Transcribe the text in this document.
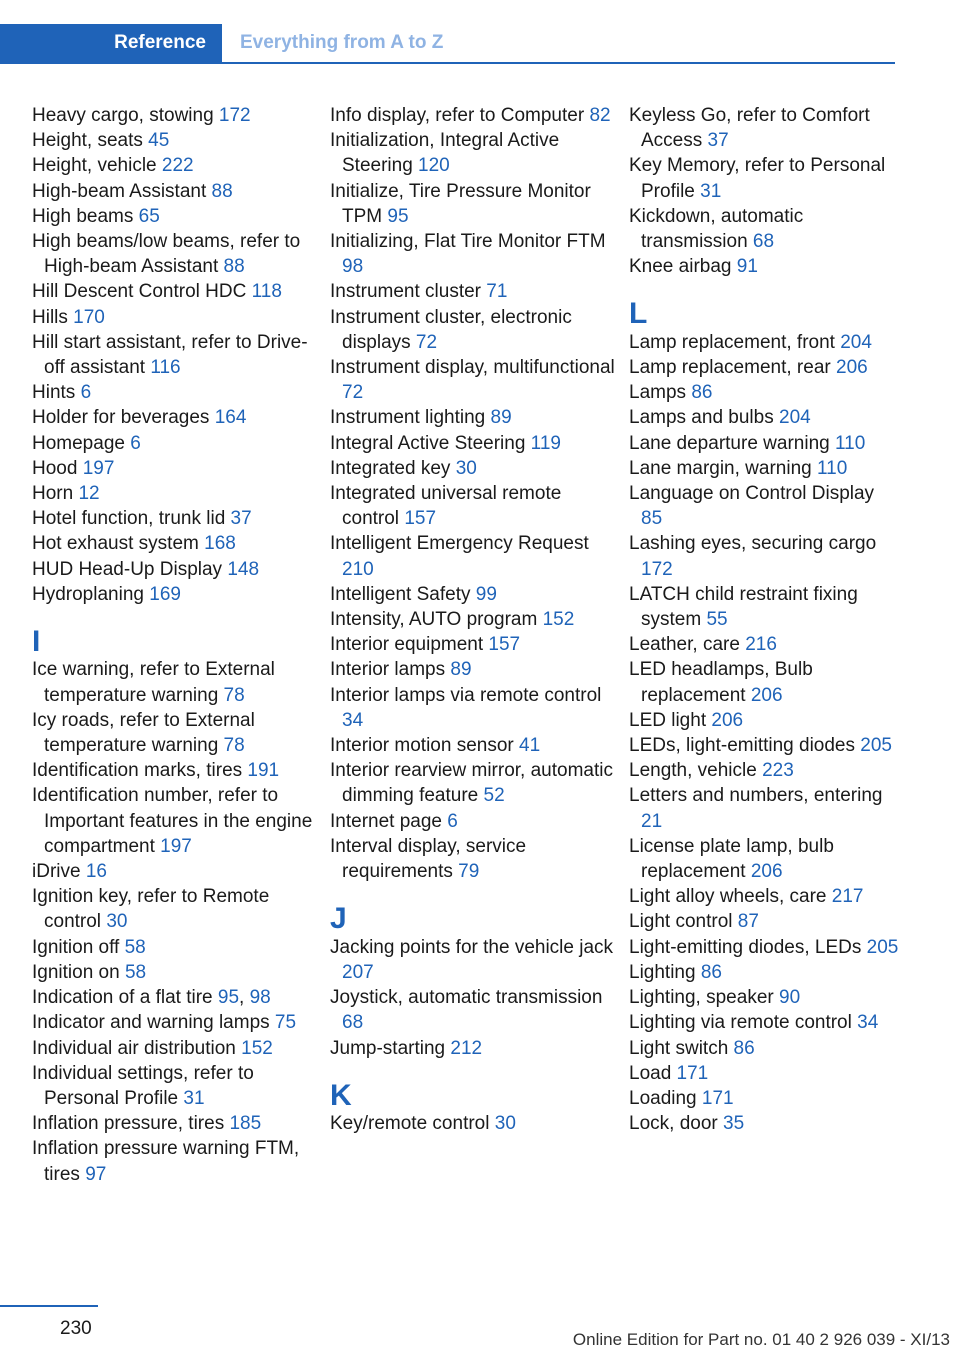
Reference	Everything from A to Z
Heavy cargo, stowing 172
Height, seats 45
Height, vehicle 222
High-beam Assistant 88
High beams 65
High beams/low beams, refer to High-beam Assistant 88
Hill Descent Control HDC 118
Hills 170
Hill start assistant, refer to Drive-off assistant 116
Hints 6
Holder for beverages 164
Homepage 6
Hood 197
Horn 12
Hotel function, trunk lid 37
Hot exhaust system 168
HUD Head-Up Display 148
Hydroplaning 169
I
Ice warning, refer to External temperature warning 78
Icy roads, refer to External temperature warning 78
Identification marks, tires 191
Identification number, refer to Important features in the engine compartment 197
iDrive 16
Ignition key, refer to Remote control 30
Ignition off 58
Ignition on 58
Indication of a flat tire 95, 98
Indicator and warning lamps 75
Individual air distribution 152
Individual settings, refer to Personal Profile 31
Inflation pressure, tires 185
Inflation pressure warning FTM, tires 97
Info display, refer to Computer 82
Initialization, Integral Active Steering 120
Initialize, Tire Pressure Monitor TPM 95
Initializing, Flat Tire Monitor FTM 98
Instrument cluster 71
Instrument cluster, electronic displays 72
Instrument display, multifunctional 72
Instrument lighting 89
Integral Active Steering 119
Integrated key 30
Integrated universal remote control 157
Intelligent Emergency Request 210
Intelligent Safety 99
Intensity, AUTO program 152
Interior equipment 157
Interior lamps 89
Interior lamps via remote control 34
Interior motion sensor 41
Interior rearview mirror, automatic dimming feature 52
Internet page 6
Interval display, service requirements 79
J
Jacking points for the vehicle jack 207
Joystick, automatic transmission 68
Jump-starting 212
K
Key/remote control 30
Keyless Go, refer to Comfort Access 37
Key Memory, refer to Personal Profile 31
Kickdown, automatic transmission 68
Knee airbag 91
L
Lamp replacement, front 204
Lamp replacement, rear 206
Lamps 86
Lamps and bulbs 204
Lane departure warning 110
Lane margin, warning 110
Language on Control Display 85
Lashing eyes, securing cargo 172
LATCH child restraint fixing system 55
Leather, care 216
LED headlamps, Bulb replacement 206
LED light 206
LEDs, light-emitting diodes 205
Length, vehicle 223
Letters and numbers, entering 21
License plate lamp, bulb replacement 206
Light alloy wheels, care 217
Light control 87
Light-emitting diodes, LEDs 205
Lighting 86
Lighting, speaker 90
Lighting via remote control 34
Light switch 86
Load 171
Loading 171
Lock, door 35
230
Online Edition for Part no. 01 40 2 926 039 - XI/13
